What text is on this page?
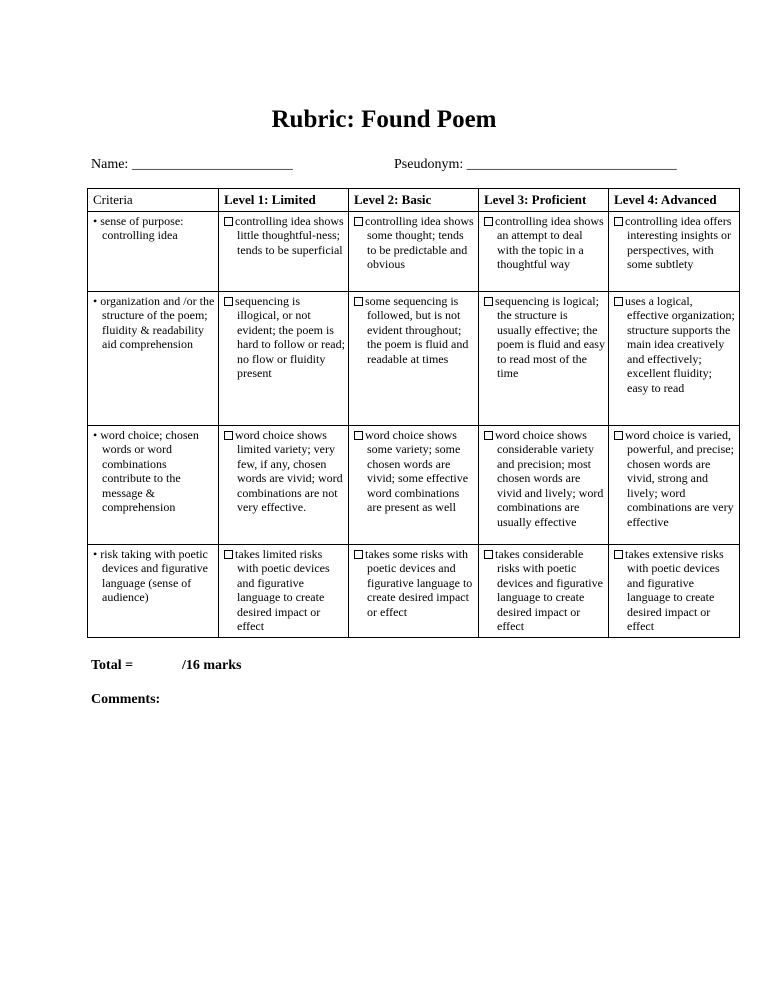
Rubric: Found Poem
Name: _______________________	Pseudonym: ______________________________
Criteria	Level 1: Limited	Level 2: Basic	Level 3: Proficient	Level 4: Advanced

• sense of purpose: controlling idea	controlling idea shows little thoughtful-ness; tends to be superficial	controlling idea shows some thought; tends to be predictable and obvious	controlling idea shows an attempt to deal with the topic in a thoughtful way	controlling idea offers interesting insights or perspectives, with some subtlety

• organization and /or the structure of the poem; fluidity & readability aid comprehension	sequencing is illogical, or not evident; the poem is hard to follow or read; no flow or fluidity present	some sequencing is followed, but is not evident throughout; the poem is fluid and readable at times	sequencing is logical; the structure is usually effective; the poem is fluid and easy to read most of the time	uses a logical, effective organization; structure supports the main idea creatively and effectively; excellent fluidity; easy to read

• word choice; chosen words or word combinations contribute to the message & comprehension	word choice shows limited variety; very few, if any, chosen words are vivid; word combinations are not very effective.	word choice shows some variety; some chosen words are vivid; some effective word combinations are present as well	word choice shows considerable variety and precision; most chosen words are vivid and lively; word combinations are usually effective	word choice is varied, powerful, and precise; chosen words are vivid, strong and lively; word combinations are very effective

• risk taking with poetic devices and figurative language (sense of audience)	takes limited risks with poetic devices and figurative language to create desired impact or effect	takes some risks with poetic devices and figurative language to create desired impact or effect	takes considerable risks with poetic devices and figurative language to create desired impact or effect	takes extensive risks with poetic devices and figurative language to create desired impact or effect
Total =	/16 marks
Comments:
